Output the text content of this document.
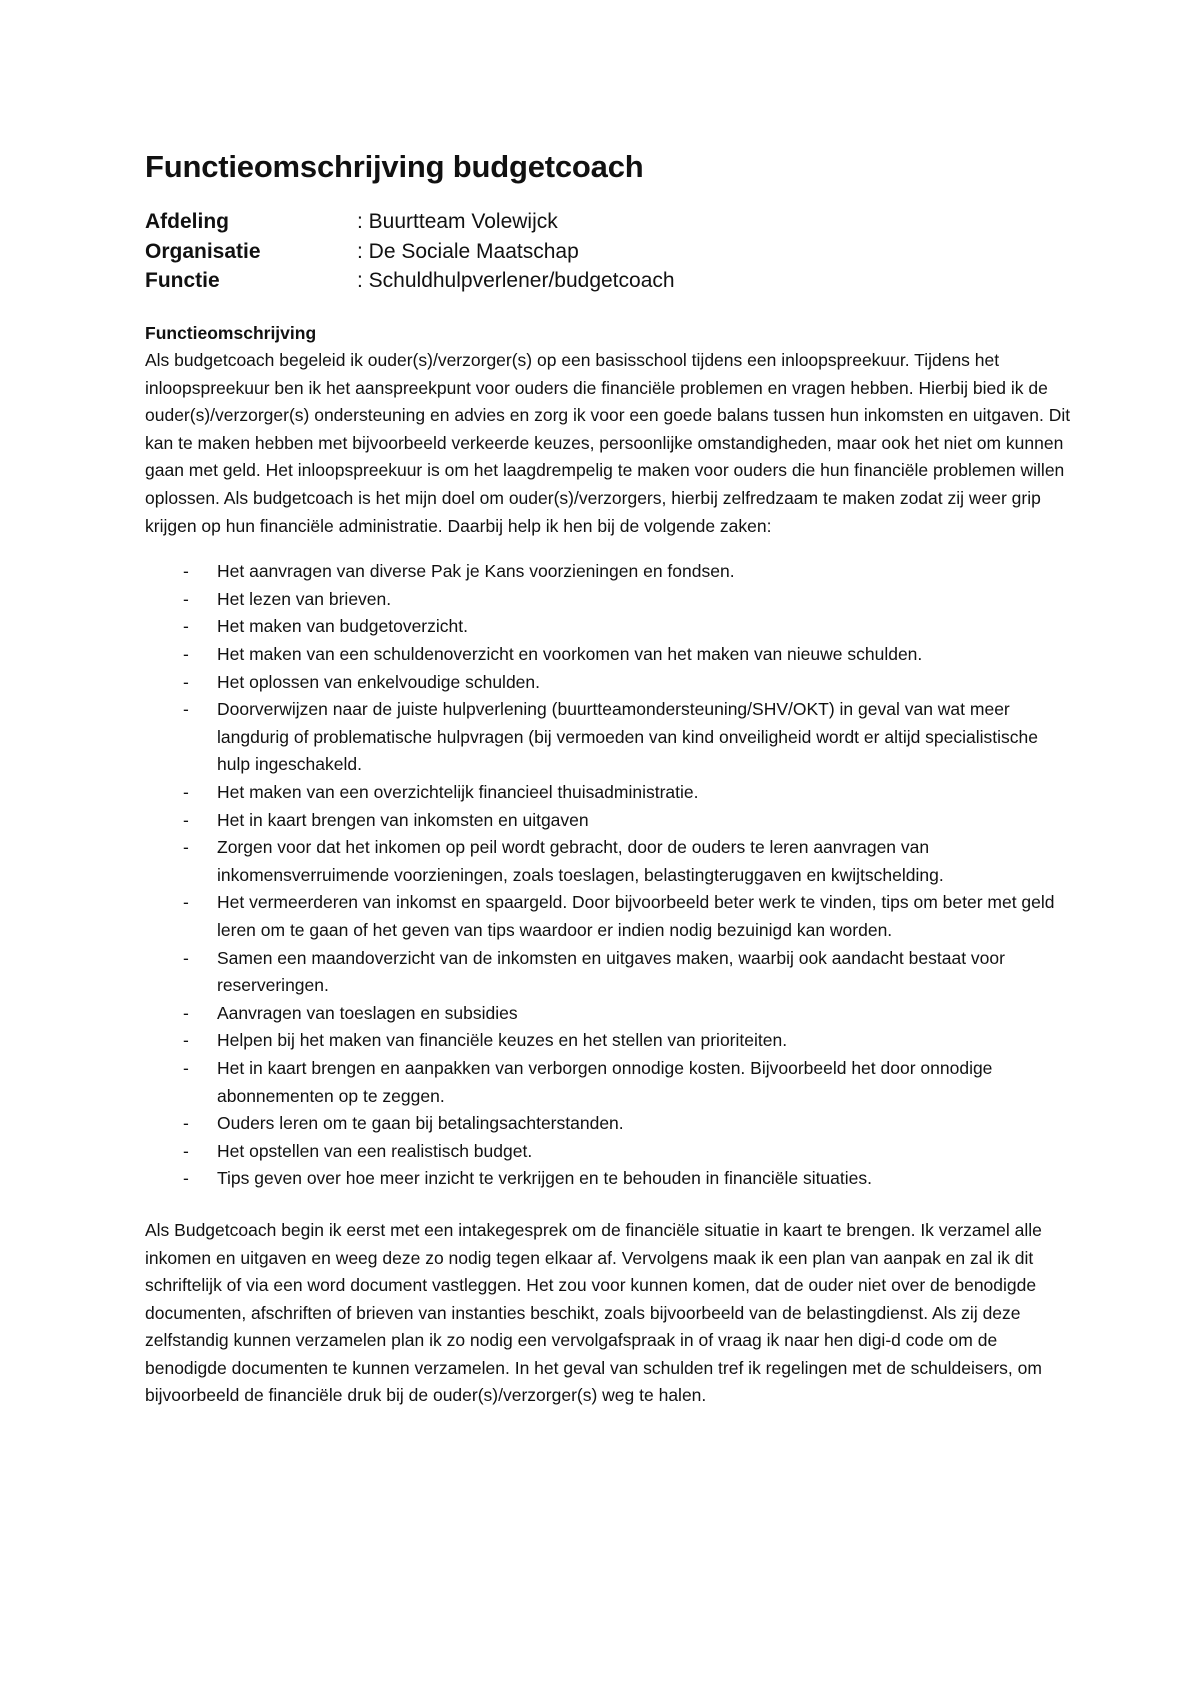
Functieomschrijving budgetcoach
Afdeling	: Buurtteam Volewijck
Organisatie	: De Sociale Maatschap
Functie	: Schuldhulpverlener/budgetcoach
Functieomschrijving

Als budgetcoach begeleid ik ouder(s)/verzorger(s) op een basisschool tijdens een inloopspreekuur. Tijdens het inloopspreekuur ben ik het aanspreekpunt voor ouders die financiële problemen en vragen hebben. Hierbij bied ik de ouder(s)/verzorger(s) ondersteuning en advies en zorg ik voor een goede balans tussen hun inkomsten en uitgaven. Dit kan te maken hebben met bijvoorbeeld verkeerde keuzes, persoonlijke omstandigheden, maar ook het niet om kunnen gaan met geld. Het inloopspreekuur is om het laagdrempelig te maken voor ouders die hun financiële problemen willen oplossen. Als budgetcoach is het mijn doel om ouder(s)/verzorgers, hierbij zelfredzaam te maken zodat zij weer grip krijgen op hun financiële administratie. Daarbij help ik hen bij de volgende zaken:

- Het aanvragen van diverse Pak je Kans voorzieningen en fondsen.
- Het lezen van brieven.
- Het maken van budgetoverzicht.
- Het maken van een schuldenoverzicht en voorkomen van het maken van nieuwe schulden.
- Het oplossen van enkelvoudige schulden.
- Doorverwijzen naar de juiste hulpverlening (buurtteamondersteuning/SHV/OKT) in geval van wat meer langdurig of problematische hulpvragen (bij vermoeden van kind onveiligheid wordt er altijd specialistische hulp ingeschakeld.
- Het maken van een overzichtelijk financieel thuisadministratie.
- Het in kaart brengen van inkomsten en uitgaven
- Zorgen voor dat het inkomen op peil wordt gebracht, door de ouders te leren aanvragen van inkomensverruimende voorzieningen, zoals toeslagen, belastingteruggaven en kwijtschelding.
- Het vermeerderen van inkomst en spaargeld. Door bijvoorbeeld beter werk te vinden, tips om beter met geld leren om te gaan of het geven van tips waardoor er indien nodig bezuinigd kan worden.
- Samen een maandoverzicht van de inkomsten en uitgaves maken, waarbij ook aandacht bestaat voor reserveringen.
- Aanvragen van toeslagen en subsidies
- Helpen bij het maken van financiële keuzes en het stellen van prioriteiten.
- Het in kaart brengen en aanpakken van verborgen onnodige kosten. Bijvoorbeeld het door onnodige abonnementen op te zeggen.
- Ouders leren om te gaan bij betalingsachterstanden.
- Het opstellen van een realistisch budget.
- Tips geven over hoe meer inzicht te verkrijgen en te behouden in financiële situaties.

Als Budgetcoach begin ik eerst met een intakegesprek om de financiële situatie in kaart te brengen. Ik verzamel alle inkomen en uitgaven en weeg deze zo nodig tegen elkaar af. Vervolgens maak ik een plan van aanpak en zal ik dit schriftelijk of via een word document vastleggen. Het zou voor kunnen komen, dat de ouder niet over de benodigde documenten, afschriften of brieven van instanties beschikt, zoals bijvoorbeeld van de belastingdienst. Als zij deze zelfstandig kunnen verzamelen plan ik zo nodig een vervolgafspraak in of vraag ik naar hen digi-d code om de benodigde documenten te kunnen verzamelen. In het geval van schulden tref ik regelingen met de schuldeisers, om bijvoorbeeld de financiële druk bij de ouder(s)/verzorger(s) weg te halen.
